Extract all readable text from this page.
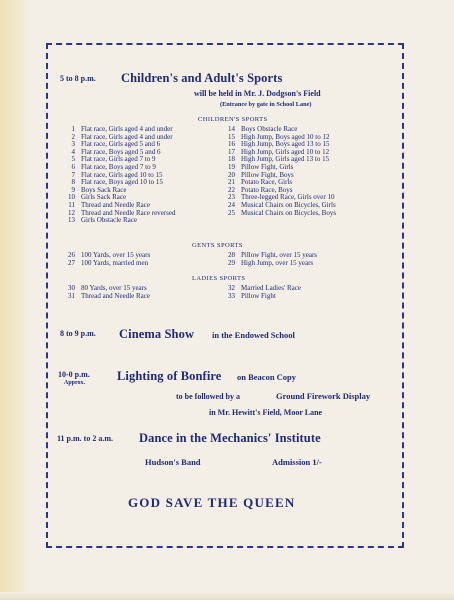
5 to 8 p.m. Children's and Adult's Sports
will be held in Mr. J. Dodgson's Field
(Entrance by gate in School Lane)
CHILDREN'S SPORTS
1 Flat race, Girls aged 4 and under
2 Flat race, Girls aged 4 and under
3 Flat race, Girls aged 5 and 6
4 Flat race, Boys aged 5 and 6
5 Flat race, Girls aged 7 to 9
6 Flat race, Boys aged 7 to 9
7 Flat race, Girls aged 10 to 15
8 Flat race, Boys aged 10 to 15
9 Boys Sack Race
10 Girls Sack Race
11 Thread and Needle Race
12 Thread and Needle Race reversed
13 Girls Obstacle Race
14 Boys Obstacle Race
15 High Jump, Boys aged 10 to 12
16 High Jump, Boys aged 13 to 15
17 High Jump, Girls aged 10 to 12
18 High Jump, Girls aged 13 to 15
19 Pillow Fight, Girls
20 Pillow Fight, Boys
21 Potato Race, Girls
22 Potato Race, Boys
23 Three-legged Race, Girls over 10
24 Musical Chairs on Bicycles, Girls
25 Musical Chairs on Bicycles, Boys
GENTS SPORTS
26 100 Yards, over 15 years
27 100 Yards, married men
28 Pillow Fight, over 15 years
29 High Jump, over 15 years
LADIES SPORTS
30 80 Yards, over 15 years
31 Thread and Needle Race
32 Married Ladies' Race
33 Pillow Fight
8 to 9 p.m. Cinema Show in the Endowed School
10-0 p.m.
Approx.	Lighting of Bonfire on Beacon Copy
to be followed by a	Ground Firework Display
in Mr. Hewitt's Field, Moor Lane
11 p.m. to 2 a.m. Dance in the Mechanics' Institute
Hudson's Band	Admission 1/-
GOD SAVE THE QUEEN
